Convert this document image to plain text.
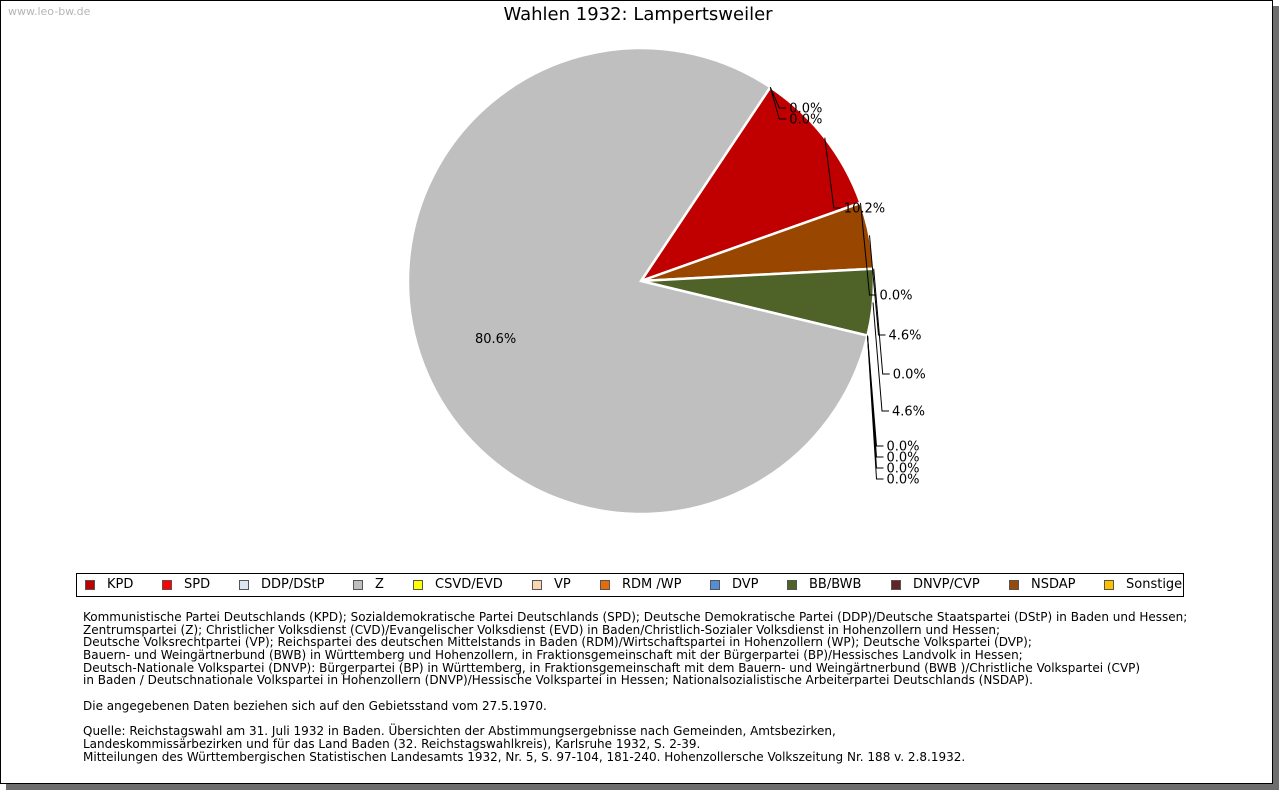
www.leo-bw.de	Wahlen 1932: Lampertsweiler
0.0%
0.0%
10.2%
0.0%
4.6%
0.0%
4.6%
0.0%
0.0%
0.0%
0.0%
80.6%
KPD	SPD	DDP/DStP	Z	CSVD/EVD	VP	RDM /WP	DVP	BB/BWB	DNVP/CVP	NSDAP	Sonstige
Kommunistische Partei Deutschlands (KPD); Sozialdemokratische Partei Deutschlands (SPD); Deutsche Demokratische Partei (DDP)/Deutsche Staatspartei (DStP) in Baden und Hessen;
Zentrumspartei (Z); Christlicher Volksdienst (CVD)/Evangelischer Volksdienst (EVD) in Baden/Christlich-Sozialer Volksdienst in Hohenzollern und Hessen;
Deutsche Volksrechtpartei (VP); Reichspartei des deutschen Mittelstands in Baden (RDM)/Wirtschaftspartei in Hohenzollern (WP); Deutsche Volkspartei (DVP);
Bauern- und Weingärtnerbund (BWB) in Württemberg und Hohenzollern, in Fraktionsgemeinschaft mit der Bürgerpartei (BP)/Hessisches Landvolk in Hessen;
Deutsch-Nationale Volkspartei (DNVP): Bürgerpartei (BP) in Württemberg, in Fraktionsgemeinschaft mit dem Bauern- und Weingärtnerbund (BWB )/Christliche Volkspartei (CVP)
in Baden / Deutschnationale Volkspartei in Hohenzollern (DNVP)/Hessische Volkspartei in Hessen; Nationalsozialistische Arbeiterpartei Deutschlands (NSDAP).
Die angegebenen Daten beziehen sich auf den Gebietsstand vom 27.5.1970.
Quelle: Reichstagswahl am 31. Juli 1932 in Baden. Übersichten der Abstimmungsergebnisse nach Gemeinden, Amtsbezirken,
Landeskommissärbezirken und für das Land Baden (32. Reichstagswahlkreis), Karlsruhe 1932, S. 2-39.
Mitteilungen des Württembergischen Statistischen Landesamts 1932, Nr. 5, S. 97-104, 181-240. Hohenzollersche Volkszeitung Nr. 188 v. 2.8.1932.
